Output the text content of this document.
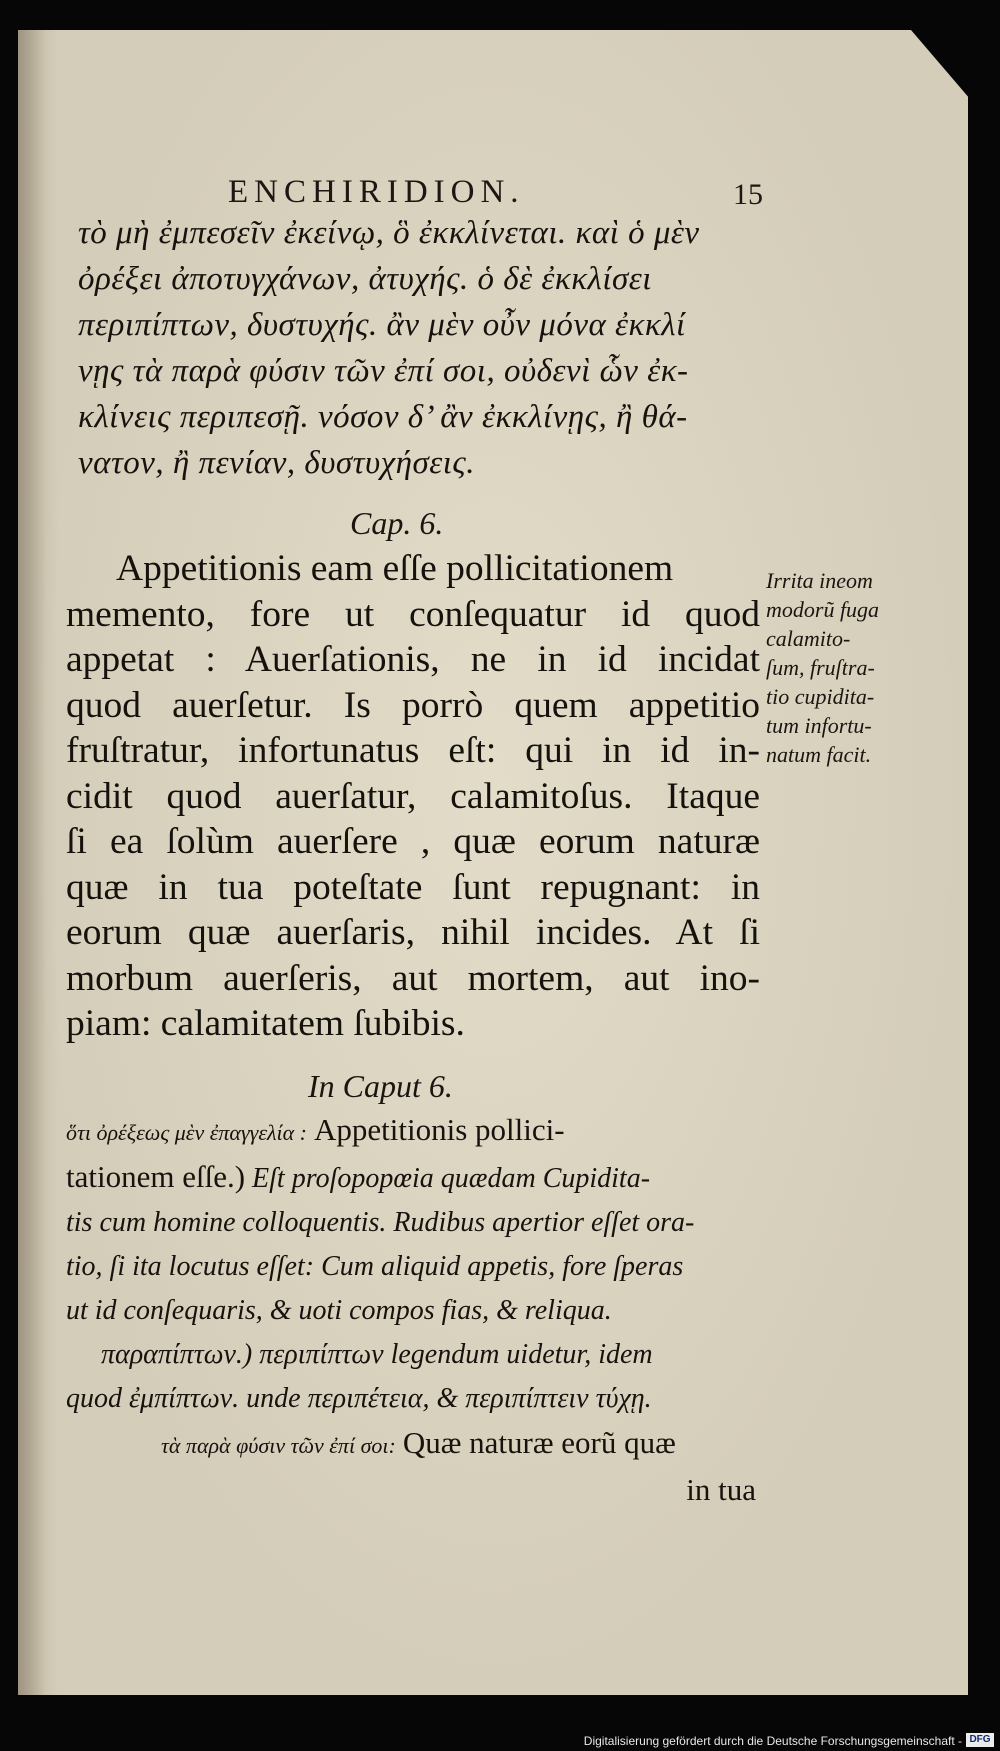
ENCHIRIDION.	15
τὸ μὴ ἐμπεσεῖν ἐκείνῳ, ὃ ἐκκλίνεται. καὶ ὁ μὲν
ὀρέξει ἀποτυγχάνων, ἀτυχής. ὁ δὲ ἐκκλίσει
περιπίπτων, δυστυχής. ἂν μὲν οὖν μόνα ἐκκλί
νῃς τὰ παρὰ φύσιν τῶν ἐπί σοι, οὐδενὶ ὧν ἐκ-
κλίνεις περιπεσῇ. νόσον δ’ ἂν ἐκκλίνῃς, ἢ θά-
νατον, ἢ πενίαν, δυστυχήσεις.
Cap. 6.
Appetitionis eam eſſe pollicitationem
memento, fore ut conſequatur id quod
appetat : Auerſationis, ne in id incidat
quod auerſetur. Is porrò quem appetitio
fruſtratur, infortunatus eſt: qui in id in-
cidit quod auerſatur, calamitoſus. Itaque
ſi ea ſolùm auerſere , quæ eorum naturæ
quæ in tua poteſtate ſunt repugnant: in
eorum quæ auerſaris, nihil incides. At ſi
morbum auerſeris, aut mortem, aut ino-
piam: calamitatem ſubibis.
Irrita ineom
modorũ fuga
calamito-
ſum, fruſtra-
tio cupidita-
tum infortu-
natum facit.
In Caput 6.
ὅτι ὀρέξεως μὲν ἐπαγγελία : Appetitionis pollici-
tationem eſſe.) Eſt proſopopœia quædam Cupidita-
tis cum homine colloquentis. Rudibus apertior eſſet ora-
tio, ſi ita locutus eſſet: Cum aliquid appetis, fore ſperas
ut id conſequaris, & uoti compos fias, & reliqua.
παραπίπτων.) περιπίπτων legendum uidetur, idem
quod ἐμπίπτων. unde περιπέτεια, & περιπίπτειν τύχῃ.
τὰ παρὰ φύσιν τῶν ἐπί σοι: Quæ naturæ eorũ quæ
in tua
Digitalisierung gefördert durch die Deutsche Forschungsgemeinschaft - DFG
